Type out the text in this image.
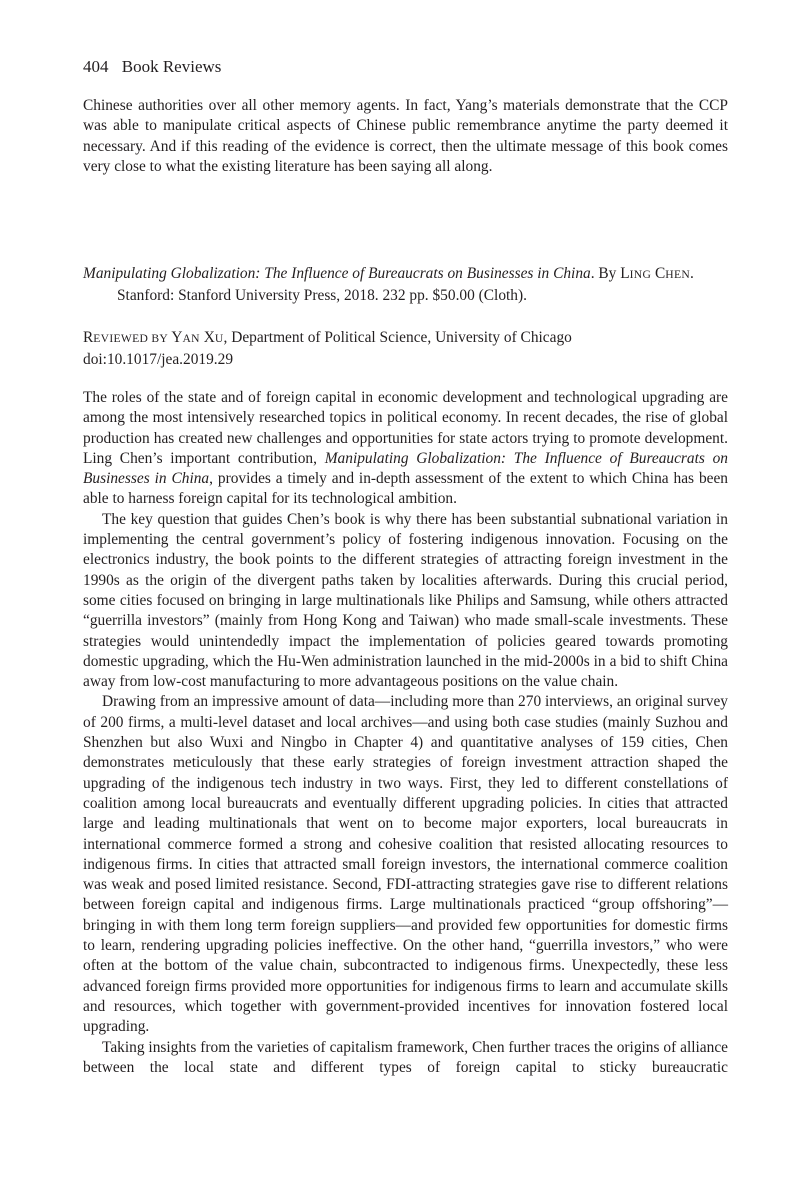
404 Book Reviews

Chinese authorities over all other memory agents. In fact, Yang’s materials demonstrate that the CCP was able to manipulate critical aspects of Chinese public remembrance anytime the party deemed it necessary. And if this reading of the evidence is correct, then the ultimate message of this book comes very close to what the existing literature has been saying all along.

Manipulating Globalization: The Influence of Bureaucrats on Businesses in China. By LING CHEN.
Stanford: Stanford University Press, 2018. 232 pp. $50.00 (Cloth).
REVIEWED BY YAN XU, Department of Political Science, University of Chicago
doi:10.1017/jea.2019.29

The roles of the state and of foreign capital in economic development and technological upgrading are among the most intensively researched topics in political economy. In recent decades, the rise of global production has created new challenges and opportunities for state actors trying to promote development. Ling Chen’s important contribution, Manipulating Globalization: The Influence of Bureaucrats on Businesses in China, provides a timely and in-depth assessment of the extent to which China has been able to harness foreign capital for its technological ambition.

The key question that guides Chen’s book is why there has been substantial subnational variation in implementing the central government’s policy of fostering indigenous innovation. Focusing on the electronics industry, the book points to the different strategies of attracting foreign investment in the 1990s as the origin of the divergent paths taken by localities afterwards. During this crucial period, some cities focused on bringing in large multinationals like Philips and Samsung, while others attracted “guerrilla investors” (mainly from Hong Kong and Taiwan) who made small-scale investments. These strategies would unintendedly impact the implementation of policies geared towards promoting domestic upgrading, which the Hu-Wen administration launched in the mid-2000s in a bid to shift China away from low-cost manufacturing to more advantageous positions on the value chain.

Drawing from an impressive amount of data—including more than 270 interviews, an original survey of 200 firms, a multi-level dataset and local archives—and using both case studies (mainly Suzhou and Shenzhen but also Wuxi and Ningbo in Chapter 4) and quantitative analyses of 159 cities, Chen demonstrates meticulously that these early strategies of foreign investment attraction shaped the upgrading of the indigenous tech industry in two ways. First, they led to different constellations of coalition among local bureaucrats and eventually different upgrading policies. In cities that attracted large and leading multinationals that went on to become major exporters, local bureaucrats in international commerce formed a strong and cohesive coalition that resisted allocating resources to indigenous firms. In cities that attracted small foreign investors, the international commerce coalition was weak and posed limited resistance. Second, FDI-attracting strategies gave rise to different relations between foreign capital and indigenous firms. Large multinationals practiced “group offshoring”—bringing in with them long term foreign suppliers—and provided few opportunities for domestic firms to learn, rendering upgrading policies ineffective. On the other hand, “guerrilla investors,” who were often at the bottom of the value chain, subcontracted to indigenous firms. Unexpectedly, these less advanced foreign firms provided more opportunities for indigenous firms to learn and accumulate skills and resources, which together with government-provided incentives for innovation fostered local upgrading.

Taking insights from the varieties of capitalism framework, Chen further traces the origins of alliance between the local state and different types of foreign capital to sticky bureaucratic
